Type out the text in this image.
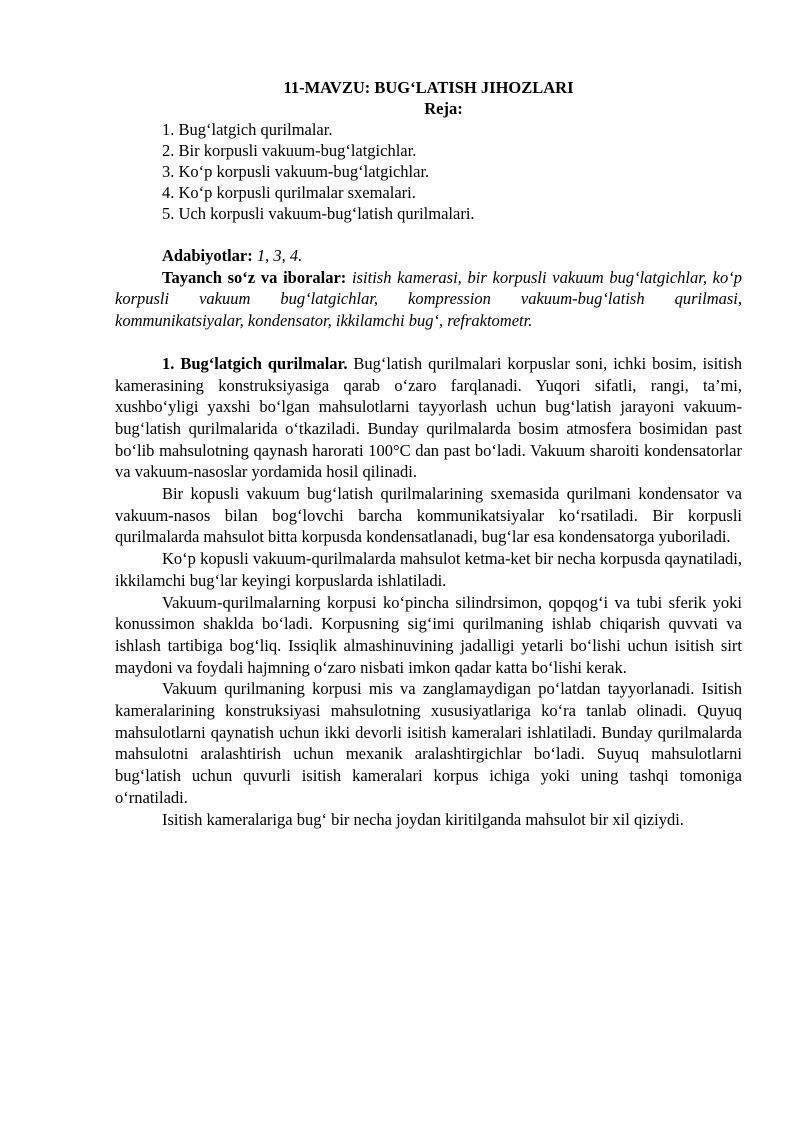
11-MAVZU: BUG‘LATISH JIHOZLARI

Reja:

1. Bug‘latgich qurilmalar.
2. Bir korpusli vakuum-bug‘latgichlar.
3. Ko‘p korpusli vakuum-bug‘latgichlar.
4. Ko‘p korpusli qurilmalar sxemalari.
5. Uch korpusli vakuum-bug‘latish qurilmalari.

Adabiyotlar: 1, 3, 4.

Tayanch so‘z va iboralar: isitish kamerasi, bir korpusli vakuum bug‘latgichlar, ko‘p korpusli vakuum bug‘latgichlar, kompression vakuum-bug‘latish qurilmasi, kommunikatsiyalar, kondensator, ikkilamchi bug‘, refraktometr.

1. Bug‘latgich qurilmalar. Bug‘latish qurilmalari korpuslar soni, ichki bosim, isitish kamerasining konstruksiyasiga qarab o‘zaro farqlanadi. Yuqori sifatli, rangi, ta’mi, xushbo‘yligi yaxshi bo‘lgan mahsulotlarni tayyorlash uchun bug‘latish jarayoni vakuum-bug‘latish qurilmalarida o‘tkaziladi. Bunday qurilmalarda bosim atmosfera bosimidan past bo‘lib mahsulotning qaynash harorati 100°C dan past bo‘ladi. Vakuum sharoiti kondensatorlar va vakuum-nasoslar yordamida hosil qilinadi.

Bir kopusli vakuum bug‘latish qurilmalarining sxemasida qurilmani kondensator va vakuum-nasos bilan bog‘lovchi barcha kommunikatsiyalar ko‘rsatiladi. Bir korpusli qurilmalarda mahsulot bitta korpusda kondensatlanadi, bug‘lar esa kondensatorga yuboriladi.

Ko‘p kopusli vakuum-qurilmalarda mahsulot ketma-ket bir necha korpusda qaynatiladi, ikkilamchi bug‘lar keyingi korpuslarda ishlatiladi.

Vakuum-qurilmalarning korpusi ko‘pincha silindrsimon, qopqog‘i va tubi sferik yoki konussimon shaklda bo‘ladi. Korpusning sig‘imi qurilmaning ishlab chiqarish quvvati va ishlash tartibiga bog‘liq. Issiqlik almashinuvining jadalligi yetarli bo‘lishi uchun isitish sirt maydoni va foydali hajmning o‘zaro nisbati imkon qadar katta bo‘lishi kerak.

Vakuum qurilmaning korpusi mis va zanglamaydigan po‘latdan tayyorlanadi. Isitish kameralarining konstruksiyasi mahsulotning xususiyatlariga ko‘ra tanlab olinadi. Quyuq mahsulotlarni qaynatish uchun ikki devorli isitish kameralari ishlatiladi. Bunday qurilmalarda mahsulotni aralashtirish uchun mexanik aralashtirgichlar bo‘ladi. Suyuq mahsulotlarni bug‘latish uchun quvurli isitish kameralari korpus ichiga yoki uning tashqi tomoniga o‘rnatiladi.

Isitish kameralariga bug‘ bir necha joydan kiritilganda mahsulot bir xil qiziydi.
